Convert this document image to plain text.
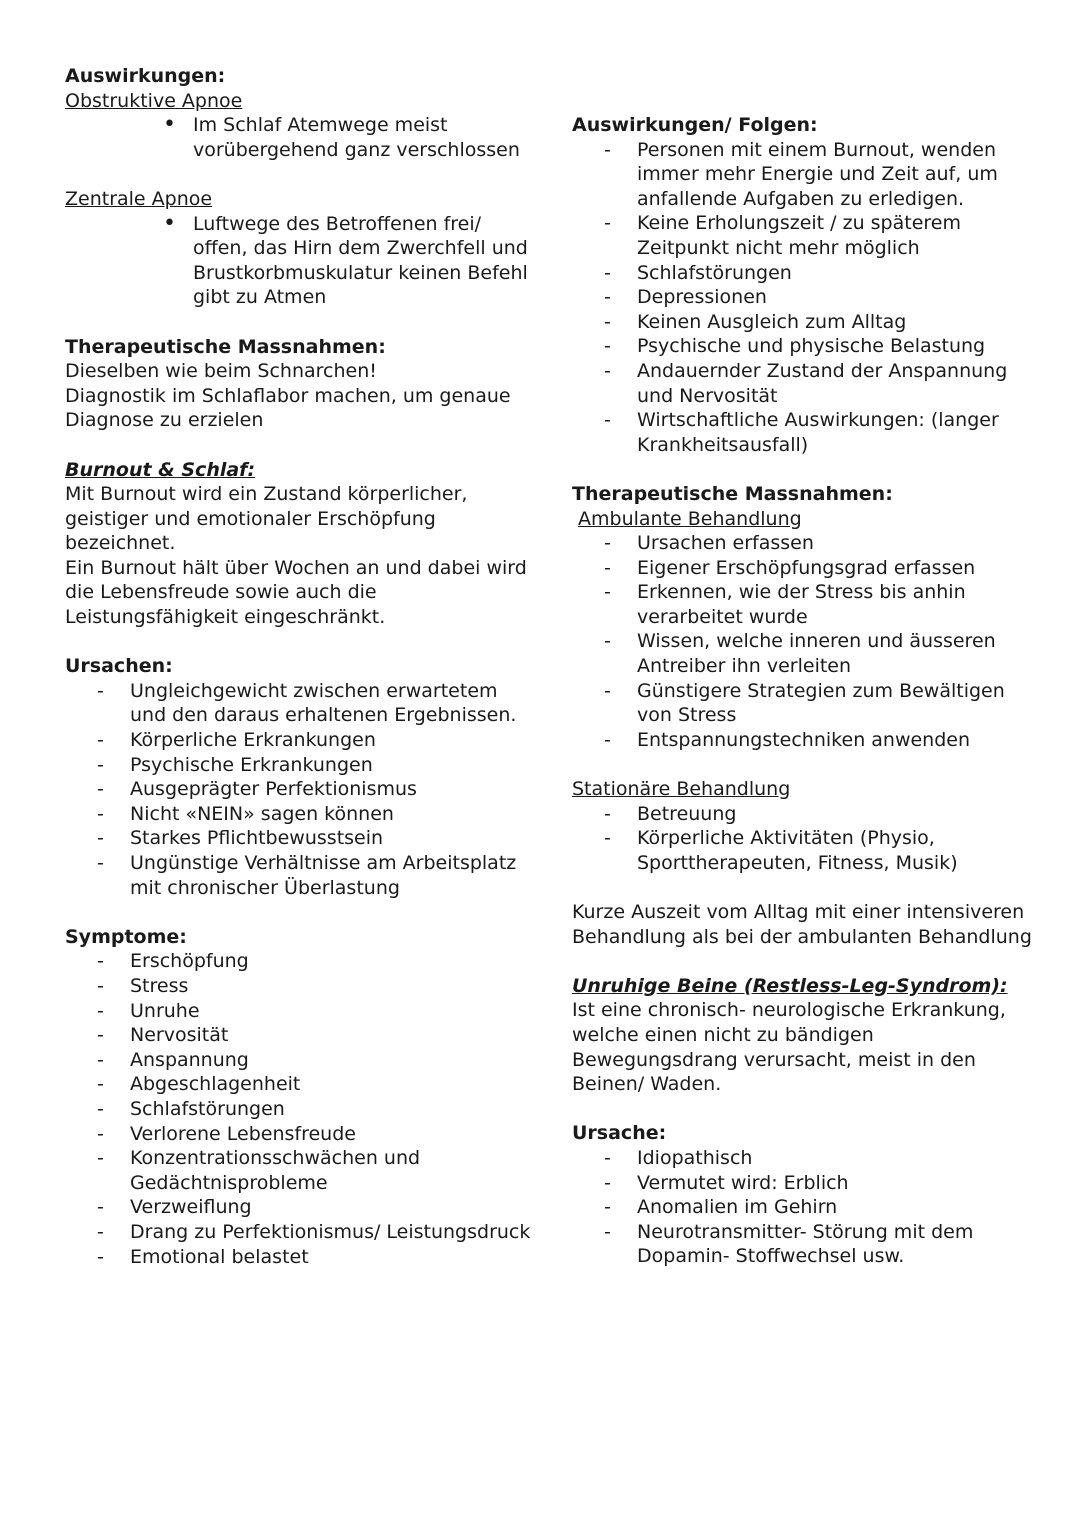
Auswirkungen:
Obstruktive Apnoe
• Im Schlaf Atemwege meist vorübergehend ganz verschlossen
Zentrale Apnoe
• Luftwege des Betroffenen frei/ offen, das Hirn dem Zwerchfell und Brustkorbmuskulatur keinen Befehl gibt zu Atmen
Therapeutische Massnahmen:
Dieselben wie beim Schnarchen!
Diagnostik im Schlaflabor machen, um genaue Diagnose zu erzielen
Burnout & Schlaf:
Mit Burnout wird ein Zustand körperlicher, geistiger und emotionaler Erschöpfung bezeichnet.
Ein Burnout hält über Wochen an und dabei wird die Lebensfreude sowie auch die Leistungsfähigkeit eingeschränkt.
Ursachen:
- Ungleichgewicht zwischen erwartetem und den daraus erhaltenen Ergebnissen.
- Körperliche Erkrankungen
- Psychische Erkrankungen
- Ausgeprägter Perfektionismus
- Nicht «NEIN» sagen können
- Starkes Pflichtbewusstsein
- Ungünstige Verhältnisse am Arbeitsplatz mit chronischer Überlastung
Symptome:
- Erschöpfung
- Stress
- Unruhe
- Nervosität
- Anspannung
- Abgeschlagenheit
- Schlafstörungen
- Verlorene Lebensfreude
- Konzentrationsschwächen und Gedächtnisprobleme
- Verzweiflung
- Drang zu Perfektionismus/ Leistungsdruck
- Emotional belastet
Auswirkungen/ Folgen:
- Personen mit einem Burnout, wenden immer mehr Energie und Zeit auf, um anfallende Aufgaben zu erledigen.
- Keine Erholungszeit / zu späterem Zeitpunkt nicht mehr möglich
- Schlafstörungen
- Depressionen
- Keinen Ausgleich zum Alltag
- Psychische und physische Belastung
- Andauernder Zustand der Anspannung und Nervosität
- Wirtschaftliche Auswirkungen: (langer Krankheitsausfall)
Therapeutische Massnahmen:
Ambulante Behandlung
- Ursachen erfassen
- Eigener Erschöpfungsgrad erfassen
- Erkennen, wie der Stress bis anhin verarbeitet wurde
- Wissen, welche inneren und äusseren Antreiber ihn verleiten
- Günstigere Strategien zum Bewältigen von Stress
- Entspannungstechniken anwenden
Stationäre Behandlung
- Betreuung
- Körperliche Aktivitäten (Physio, Sporttherapeuten, Fitness, Musik)
Kurze Auszeit vom Alltag mit einer intensiveren Behandlung als bei der ambulanten Behandlung
Unruhige Beine (Restless-Leg-Syndrom):
Ist eine chronisch- neurologische Erkrankung, welche einen nicht zu bändigen Bewegungsdrang verursacht, meist in den Beinen/ Waden.
Ursache:
- Idiopathisch
- Vermutet wird: Erblich
- Anomalien im Gehirn
- Neurotransmitter- Störung mit dem Dopamin- Stoffwechsel usw.
